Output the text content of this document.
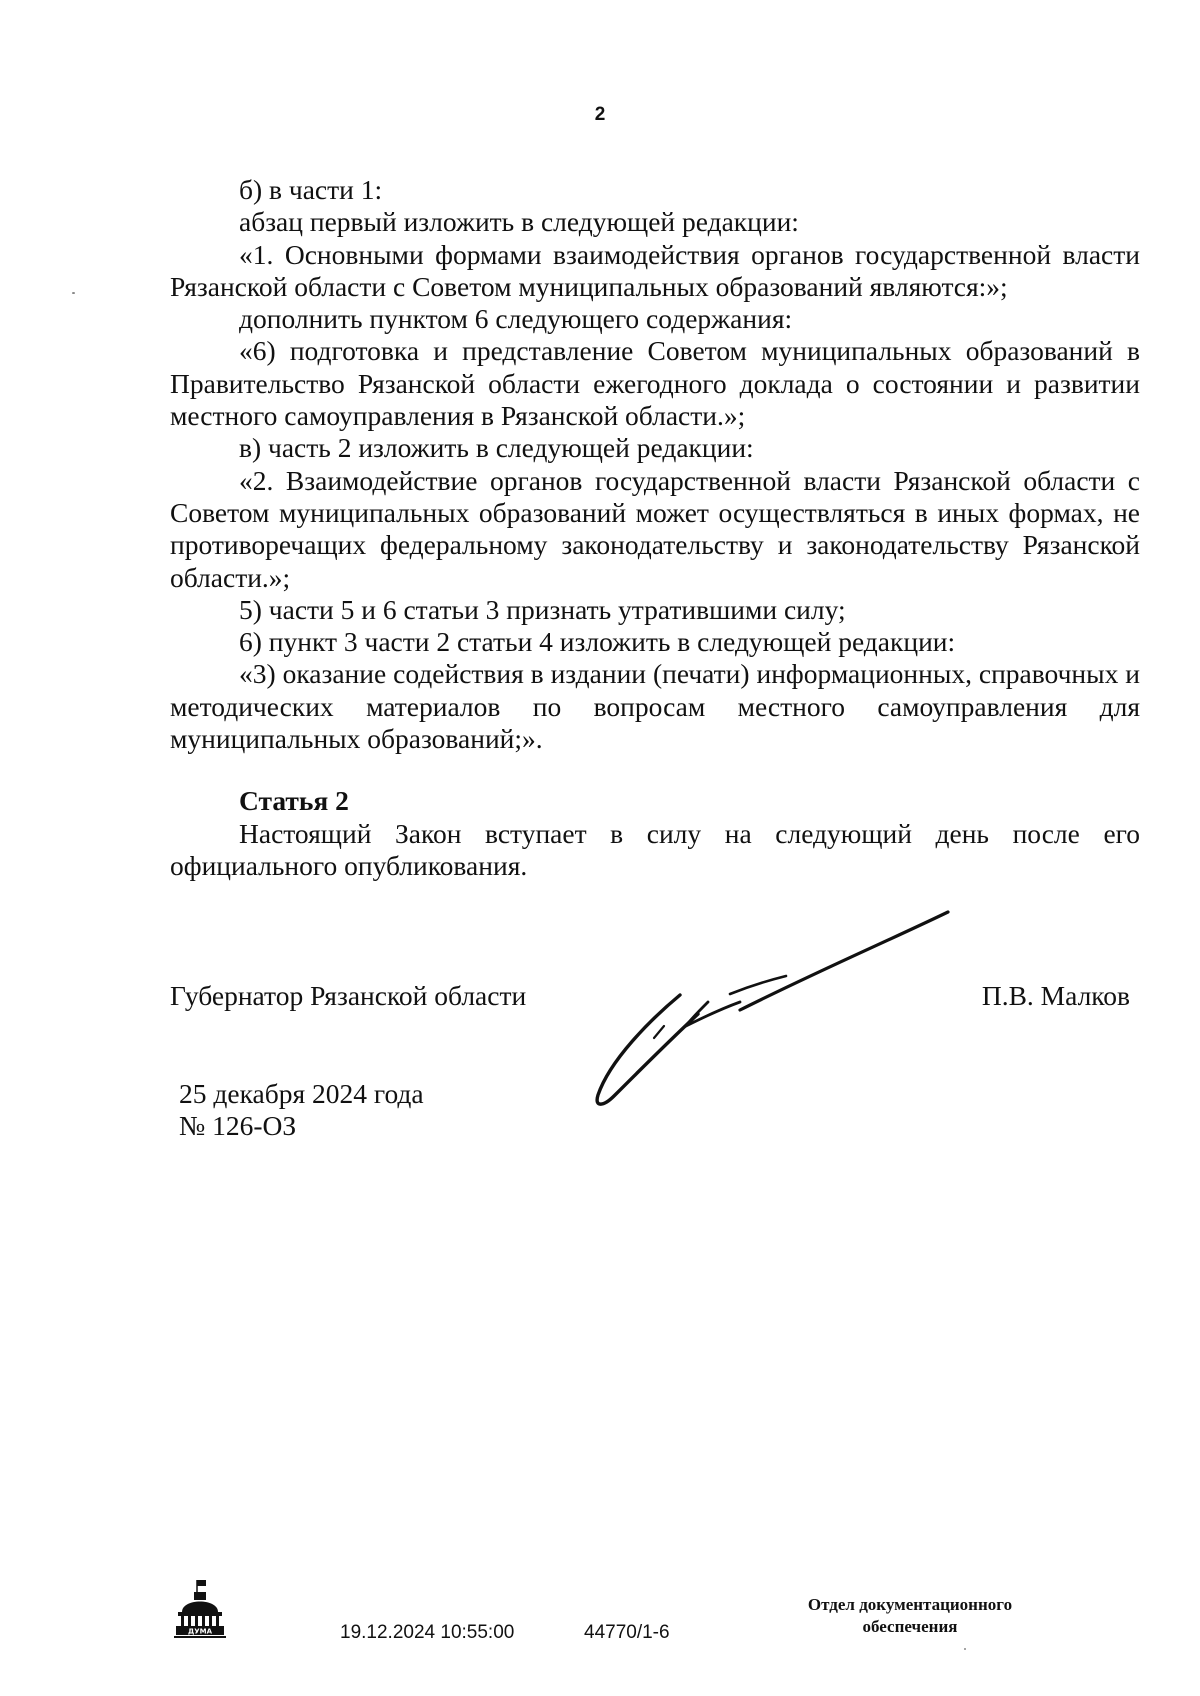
2

б) в части 1:

абзац первый изложить в следующей редакции:

«1. Основными формами взаимодействия органов государственной власти Рязанской области с Советом муниципальных образований являются:»;

дополнить пунктом 6 следующего содержания:

«6) подготовка и представление Советом муниципальных образований в Правительство Рязанской области ежегодного доклада о состоянии и развитии местного самоуправления в Рязанской области.»;

в) часть 2 изложить в следующей редакции:

«2. Взаимодействие органов государственной власти Рязанской области с Советом муниципальных образований может осуществляться в иных формах, не противоречащих федеральному законодательству и законодательству Рязанской области.»;

5) части 5 и 6 статьи 3 признать утратившими силу;

6) пункт 3 части 2 статьи 4 изложить в следующей редакции:

«3) оказание содействия в издании (печати) информационных, справочных и методических материалов по вопросам местного самоуправления для муниципальных образований;».

Статья 2

Настоящий Закон вступает в силу на следующий день после его официального опубликования.

Губернатор Рязанской области	П.В. Малков
25 декабря 2024 года
№ 126-ОЗ
ДУМА	19.12.2024 10:55:00	44770/1-6
Отдел документационного
обеспечения
